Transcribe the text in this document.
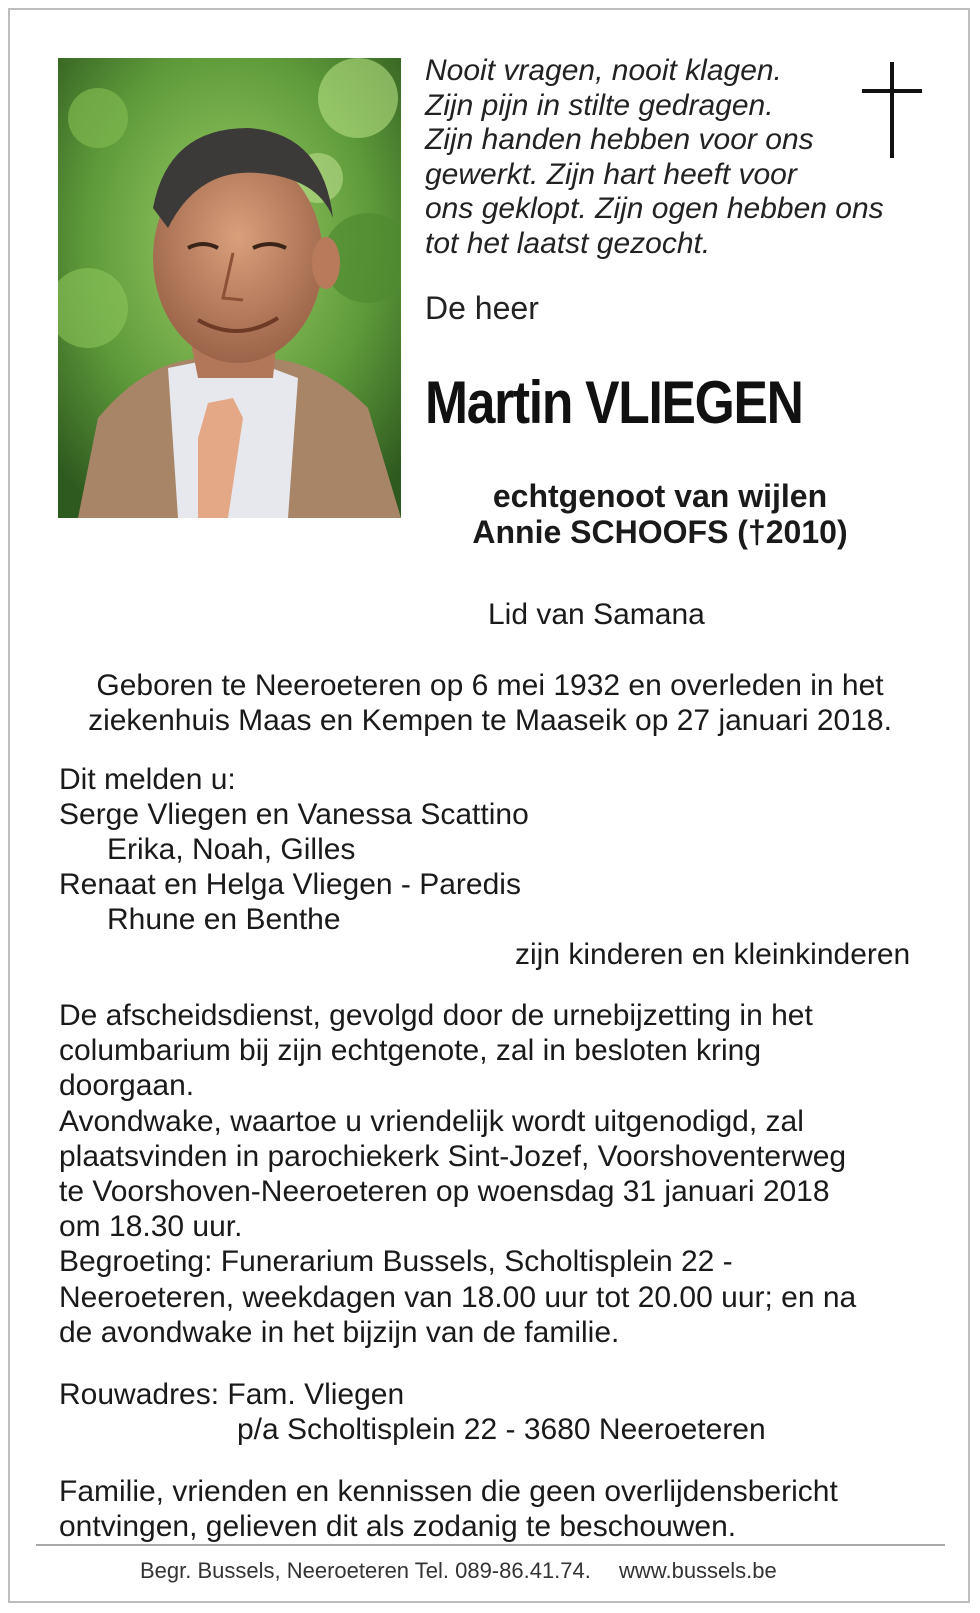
Nooit vragen, nooit klagen.
Zijn pijn in stilte gedragen.
Zijn handen hebben voor ons
gewerkt. Zijn hart heeft voor
ons geklopt. Zijn ogen hebben ons
tot het laatst gezocht.
De heer
Martin VLIEGEN
echtgenoot van wijlen
Annie SCHOOFS (†2010)
Lid van Samana
Geboren te Neeroeteren op 6 mei 1932 en overleden in het
ziekenhuis Maas en Kempen te Maaseik op 27 januari 2018.
Dit melden u:
Serge Vliegen en Vanessa Scattino
Erika, Noah, Gilles
Renaat en Helga Vliegen - Paredis
Rhune en Benthe
zijn kinderen en kleinkinderen
De afscheidsdienst, gevolgd door de urnebijzetting in het
columbarium bij zijn echtgenote, zal in besloten kring
doorgaan.
Avondwake, waartoe u vriendelijk wordt uitgenodigd, zal
plaatsvinden in parochiekerk Sint-Jozef, Voorshoventerweg
te Voorshoven-Neeroeteren op woensdag 31 januari 2018
om 18.30 uur.
Begroeting: Funerarium Bussels, Scholtisplein 22 -
Neeroeteren, weekdagen van 18.00 uur tot 20.00 uur; en na
de avondwake in het bijzijn van de familie.
Rouwadres: Fam. Vliegen
p/a Scholtisplein 22 - 3680 Neeroeteren
Familie, vrienden en kennissen die geen overlijdensbericht
ontvingen, gelieven dit als zodanig te beschouwen.
Begr. Bussels, Neeroeteren Tel. 089-86.41.74. www.bussels.be
